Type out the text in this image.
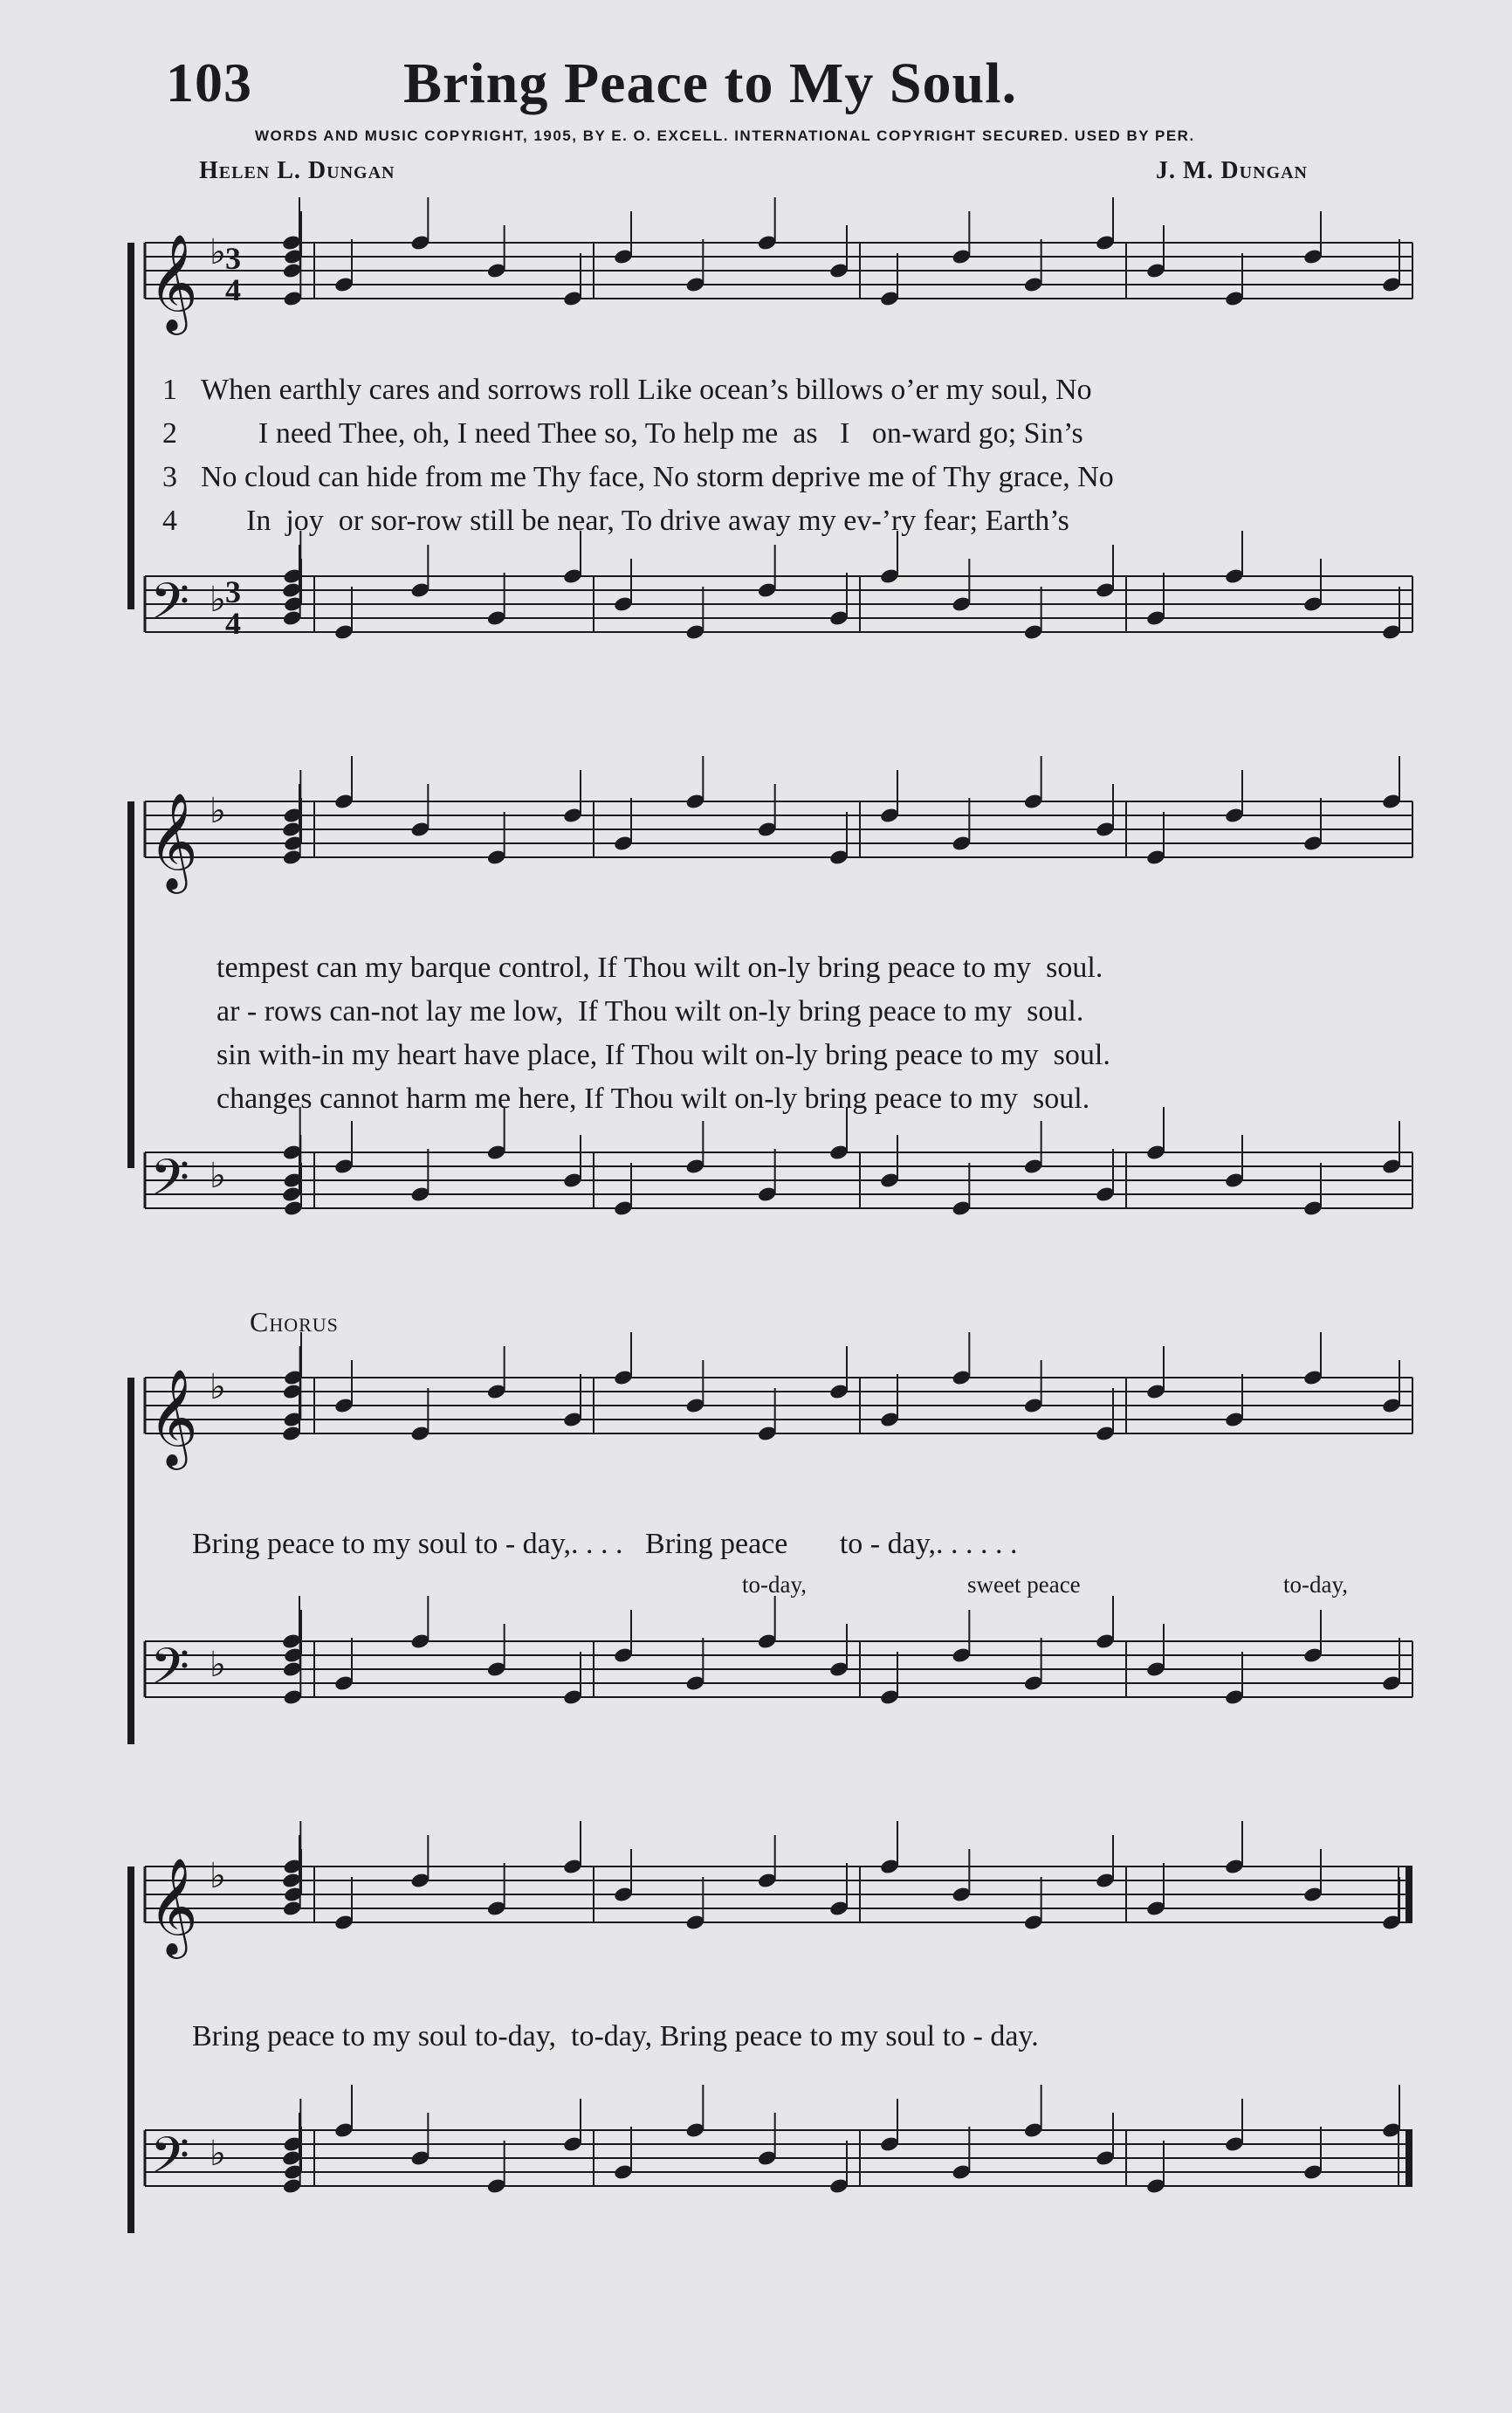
103	Bring Peace to My Soul.
WORDS AND MUSIC COPYRIGHT, 1905, BY E. O. EXCELL. INTERNATIONAL COPYRIGHT SECURED. USED BY PER.
Helen L. Dungan	J. M. Dungan
𝄞 ♭ 3
4
1 When earthly cares and sorrows roll Like ocean’s billows o’er my soul, No
2	I need Thee, oh, I need Thee so, To help me  as   I   on-ward go; Sin’s
3 No cloud can hide from me Thy face, No storm deprive me of Thy grace, No
4 In  joy  or sor-row still be near, To drive away my ev-’ry fear; Earth’s
𝄢 ♭ 3
4
𝄞 ♭
tempest can my barque control, If Thou wilt on-ly bring peace to my  soul.
ar - rows can-not lay me low,  If Thou wilt on-ly bring peace to my  soul.
sin with-in my heart have place, If Thou wilt on-ly bring peace to my  soul.
changes cannot harm me here, If Thou wilt on-ly bring peace to my  soul.
𝄢 ♭
Chorus
𝄞 ♭
Bring peace to my soul to - day,. . . .   Bring peace       to - day,. . . . . .
to-day,	sweet peace	to-day,
𝄢 ♭
𝄞 ♭
Bring peace to my soul to-day,  to-day, Bring peace to my soul to - day.
𝄢 ♭
